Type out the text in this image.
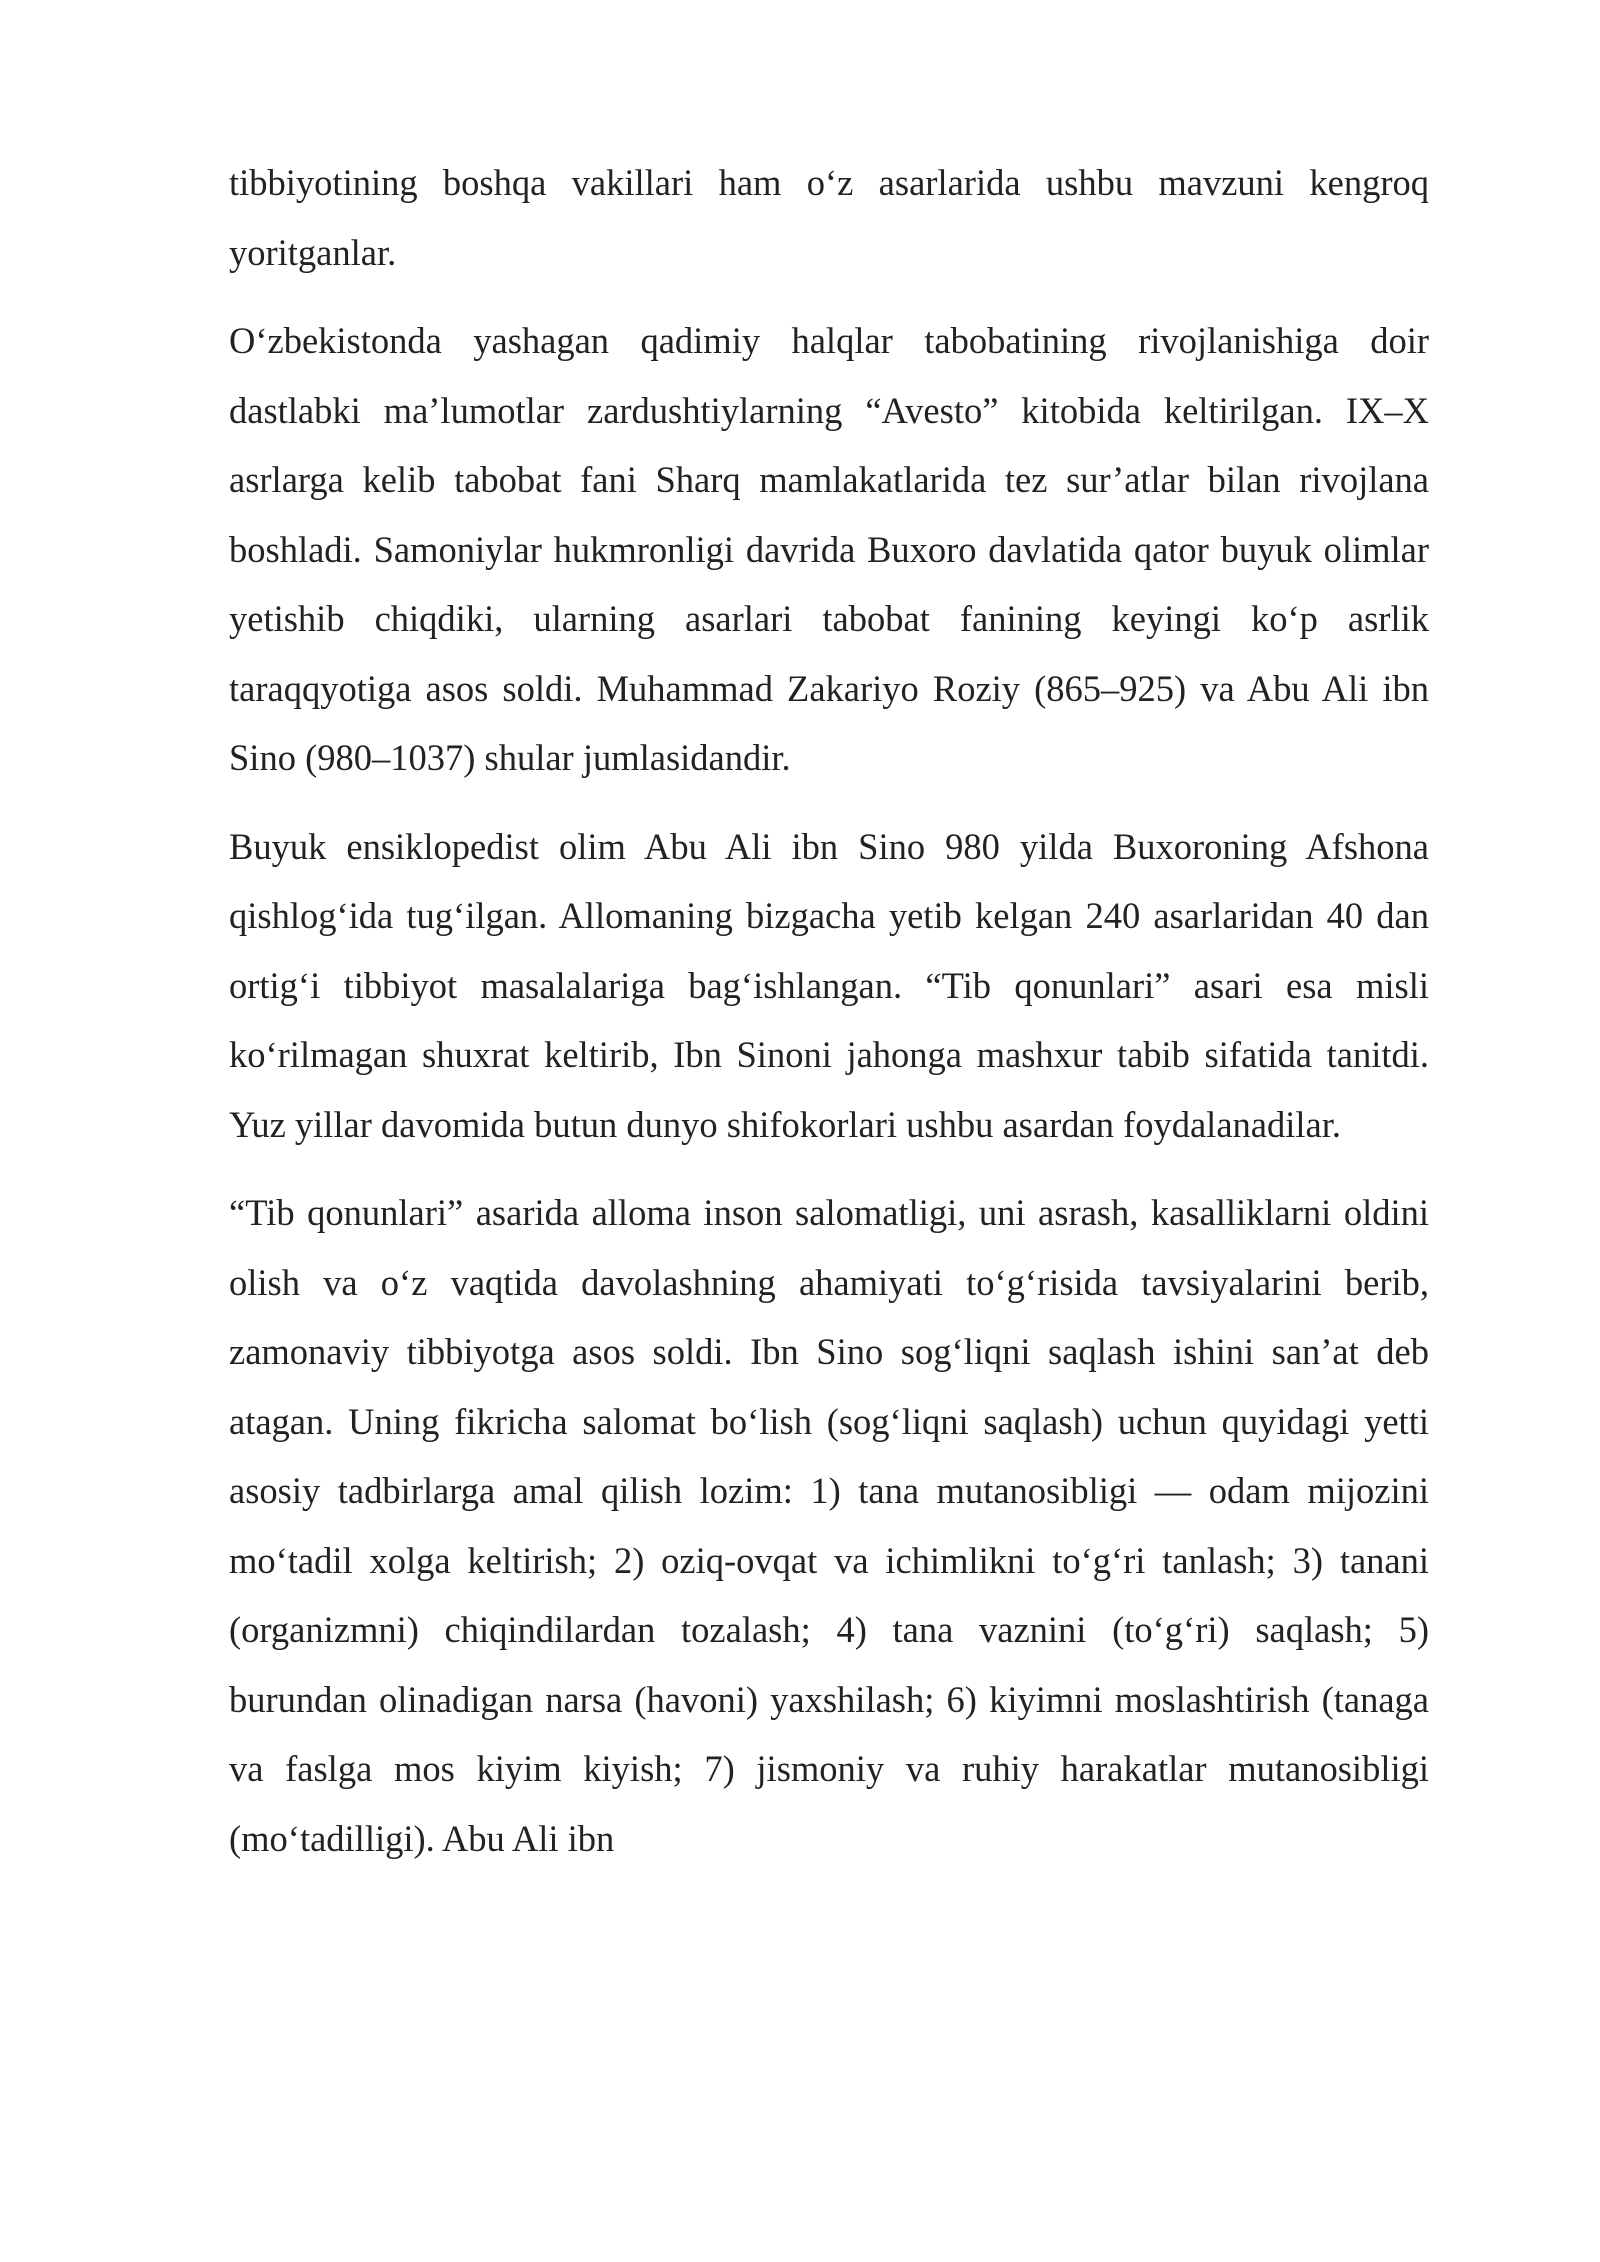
tibbiyotining boshqa vakillari ham o‘z asarlarida ushbu mavzuni kengroq yoritganlar.

O‘zbekistonda yashagan qadimiy halqlar tabobatining rivojlanishiga doir dastlabki ma’lumotlar zardushtiylarning “Avesto” kitobida keltirilgan. IX–X asrlarga kelib tabobat fani Sharq mamlakatlarida tez sur’atlar bilan rivojlana boshladi. Samoniylar hukmronligi davrida Buxoro davlatida qator buyuk olimlar yetishib chiqdiki, ularning asarlari tabobat fanining keyingi ko‘p asrlik taraqqyotiga asos soldi. Muhammad Zakariyo Roziy (865–925) va Abu Ali ibn Sino (980–1037) shular jumlasidandir.

Buyuk ensiklopedist olim Abu Ali ibn Sino 980 yilda Buxoroning Afshona qishlog‘ida tug‘ilgan. Allomaning bizgacha yetib kelgan 240 asarlaridan 40 dan ortig‘i tibbiyot masalalariga bag‘ishlangan. “Tib qonunlari” asari esa misli ko‘rilmagan shuxrat keltirib, Ibn Sinoni jahonga mashxur tabib sifatida tanitdi. Yuz yillar davomida butun dunyo shifokorlari ushbu asardan foydalanadilar.

“Tib qonunlari” asarida alloma inson salomatligi, uni asrash, kasalliklarni oldini olish va o‘z vaqtida davolashning ahamiyati to‘g‘risida tavsiyalarini berib, zamonaviy tibbiyotga asos soldi. Ibn Sino sog‘liqni saqlash ishini san’at deb atagan. Uning fikricha salomat bo‘lish (sog‘liqni saqlash) uchun quyidagi yetti asosiy tadbirlarga amal qilish lozim: 1) tana mutanosibligi — odam mijozini mo‘tadil xolga keltirish; 2) oziq-ovqat va ichimlikni to‘g‘ri tanlash; 3) tanani (organizmni) chiqindilardan tozalash; 4) tana vaznini (to‘g‘ri) saqlash; 5) burundan olinadigan narsa (havoni) yaxshilash; 6) kiyimni moslashtirish (tanaga va faslga mos kiyim kiyish; 7) jismoniy va ruhiy harakatlar mutanosibligi (mo‘tadilligi). Abu Ali ibn
